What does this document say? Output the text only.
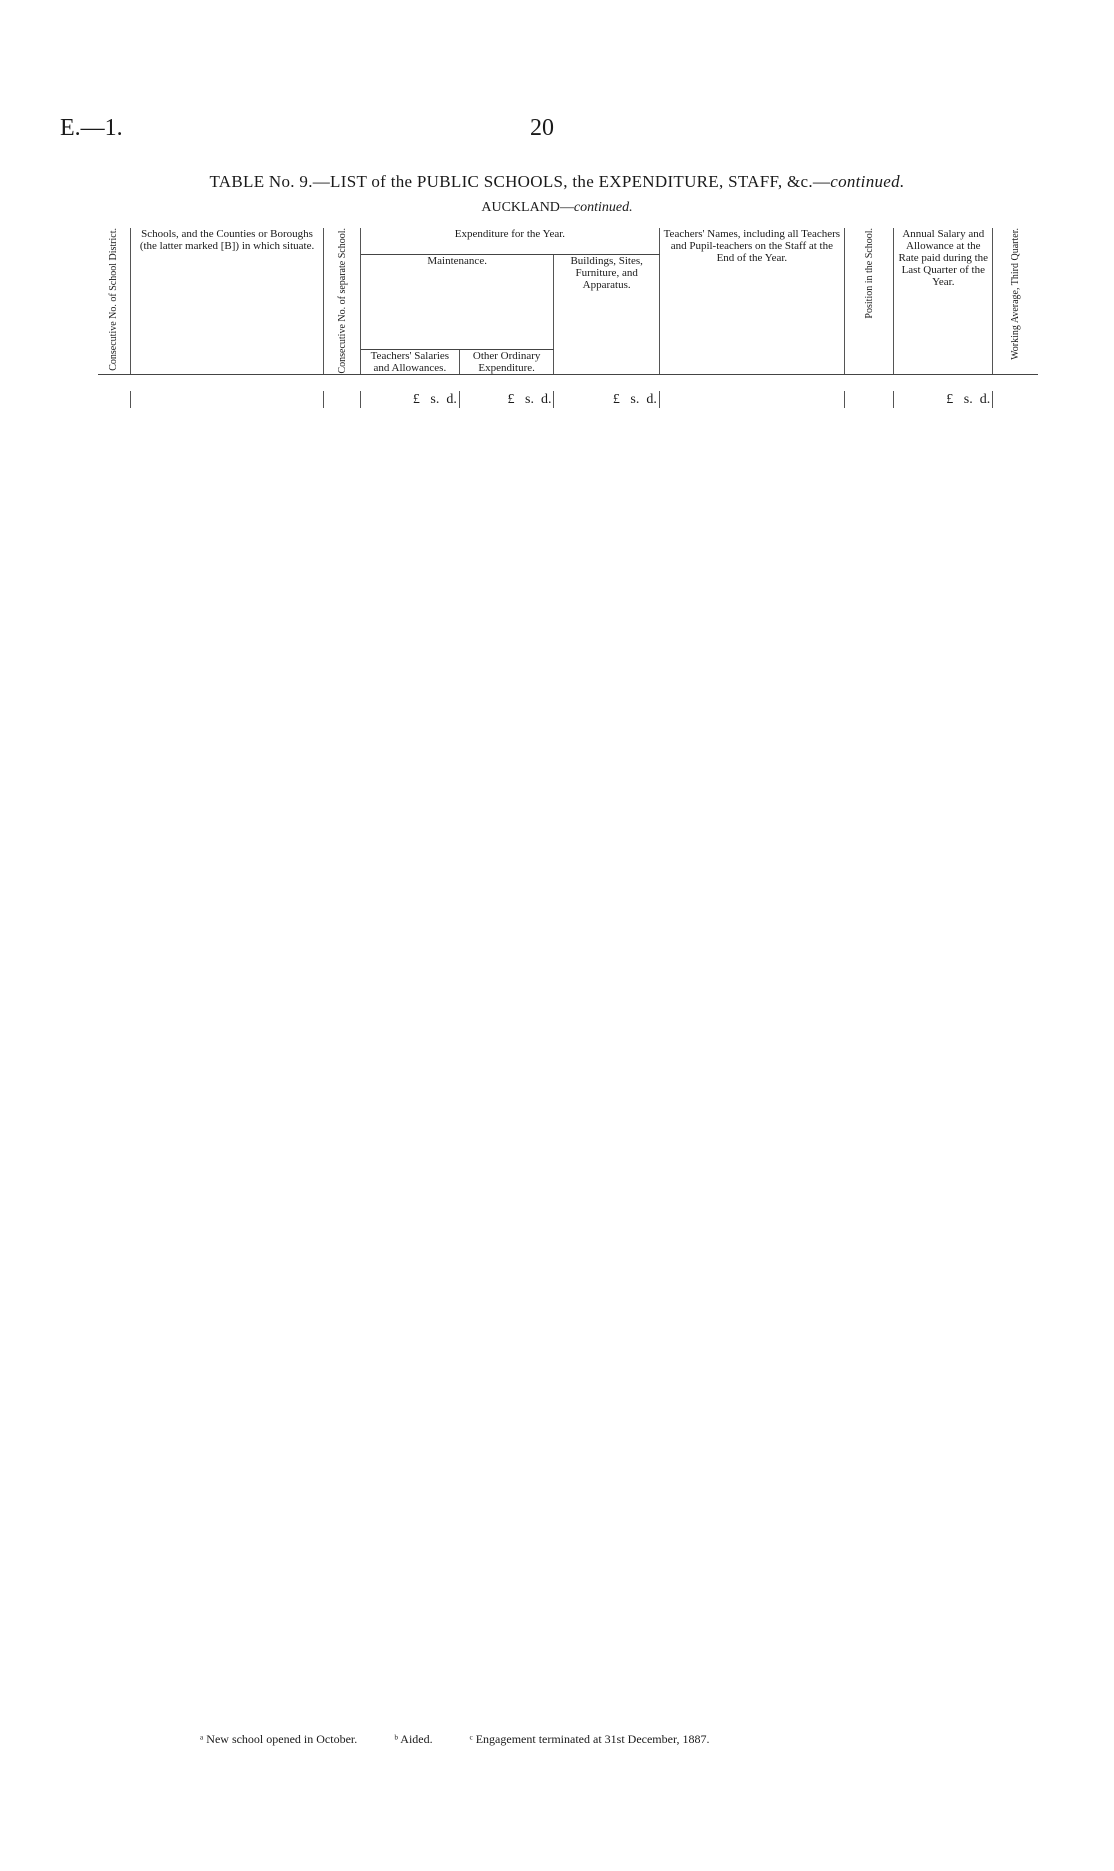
E.—1.	20
TABLE No. 9.—LIST of the PUBLIC SCHOOLS, the EXPENDITURE, STAFF, &c.—continued.
AUCKLAND—continued.
Consecutive No. of School District.	Schools, and the Counties or Boroughs (the latter marked [B]) in which situate.	Consecutive No. of separate School.	Expenditure for the Year.			Teachers' Names, including all Teachers and Pupil-teachers on the Staff at the End of the Year.	Position in the School.	Annual Salary and Allowance at the Rate paid during the Last Quarter of the Year.	Working Average, Third Quarter.

			Maintenance.		Buildings, Sites, Furniture, and Apparatus.				
			Teachers' Salaries and Allowances.	Other Ordinary Expenditure.					

			£   s.  d.	£   s.  d.	£   s.  d.			£   s.  d.	
ᵃ New school opened in October.	ᵇ Aided.	ᶜ Engagement terminated at 31st December, 1887.
